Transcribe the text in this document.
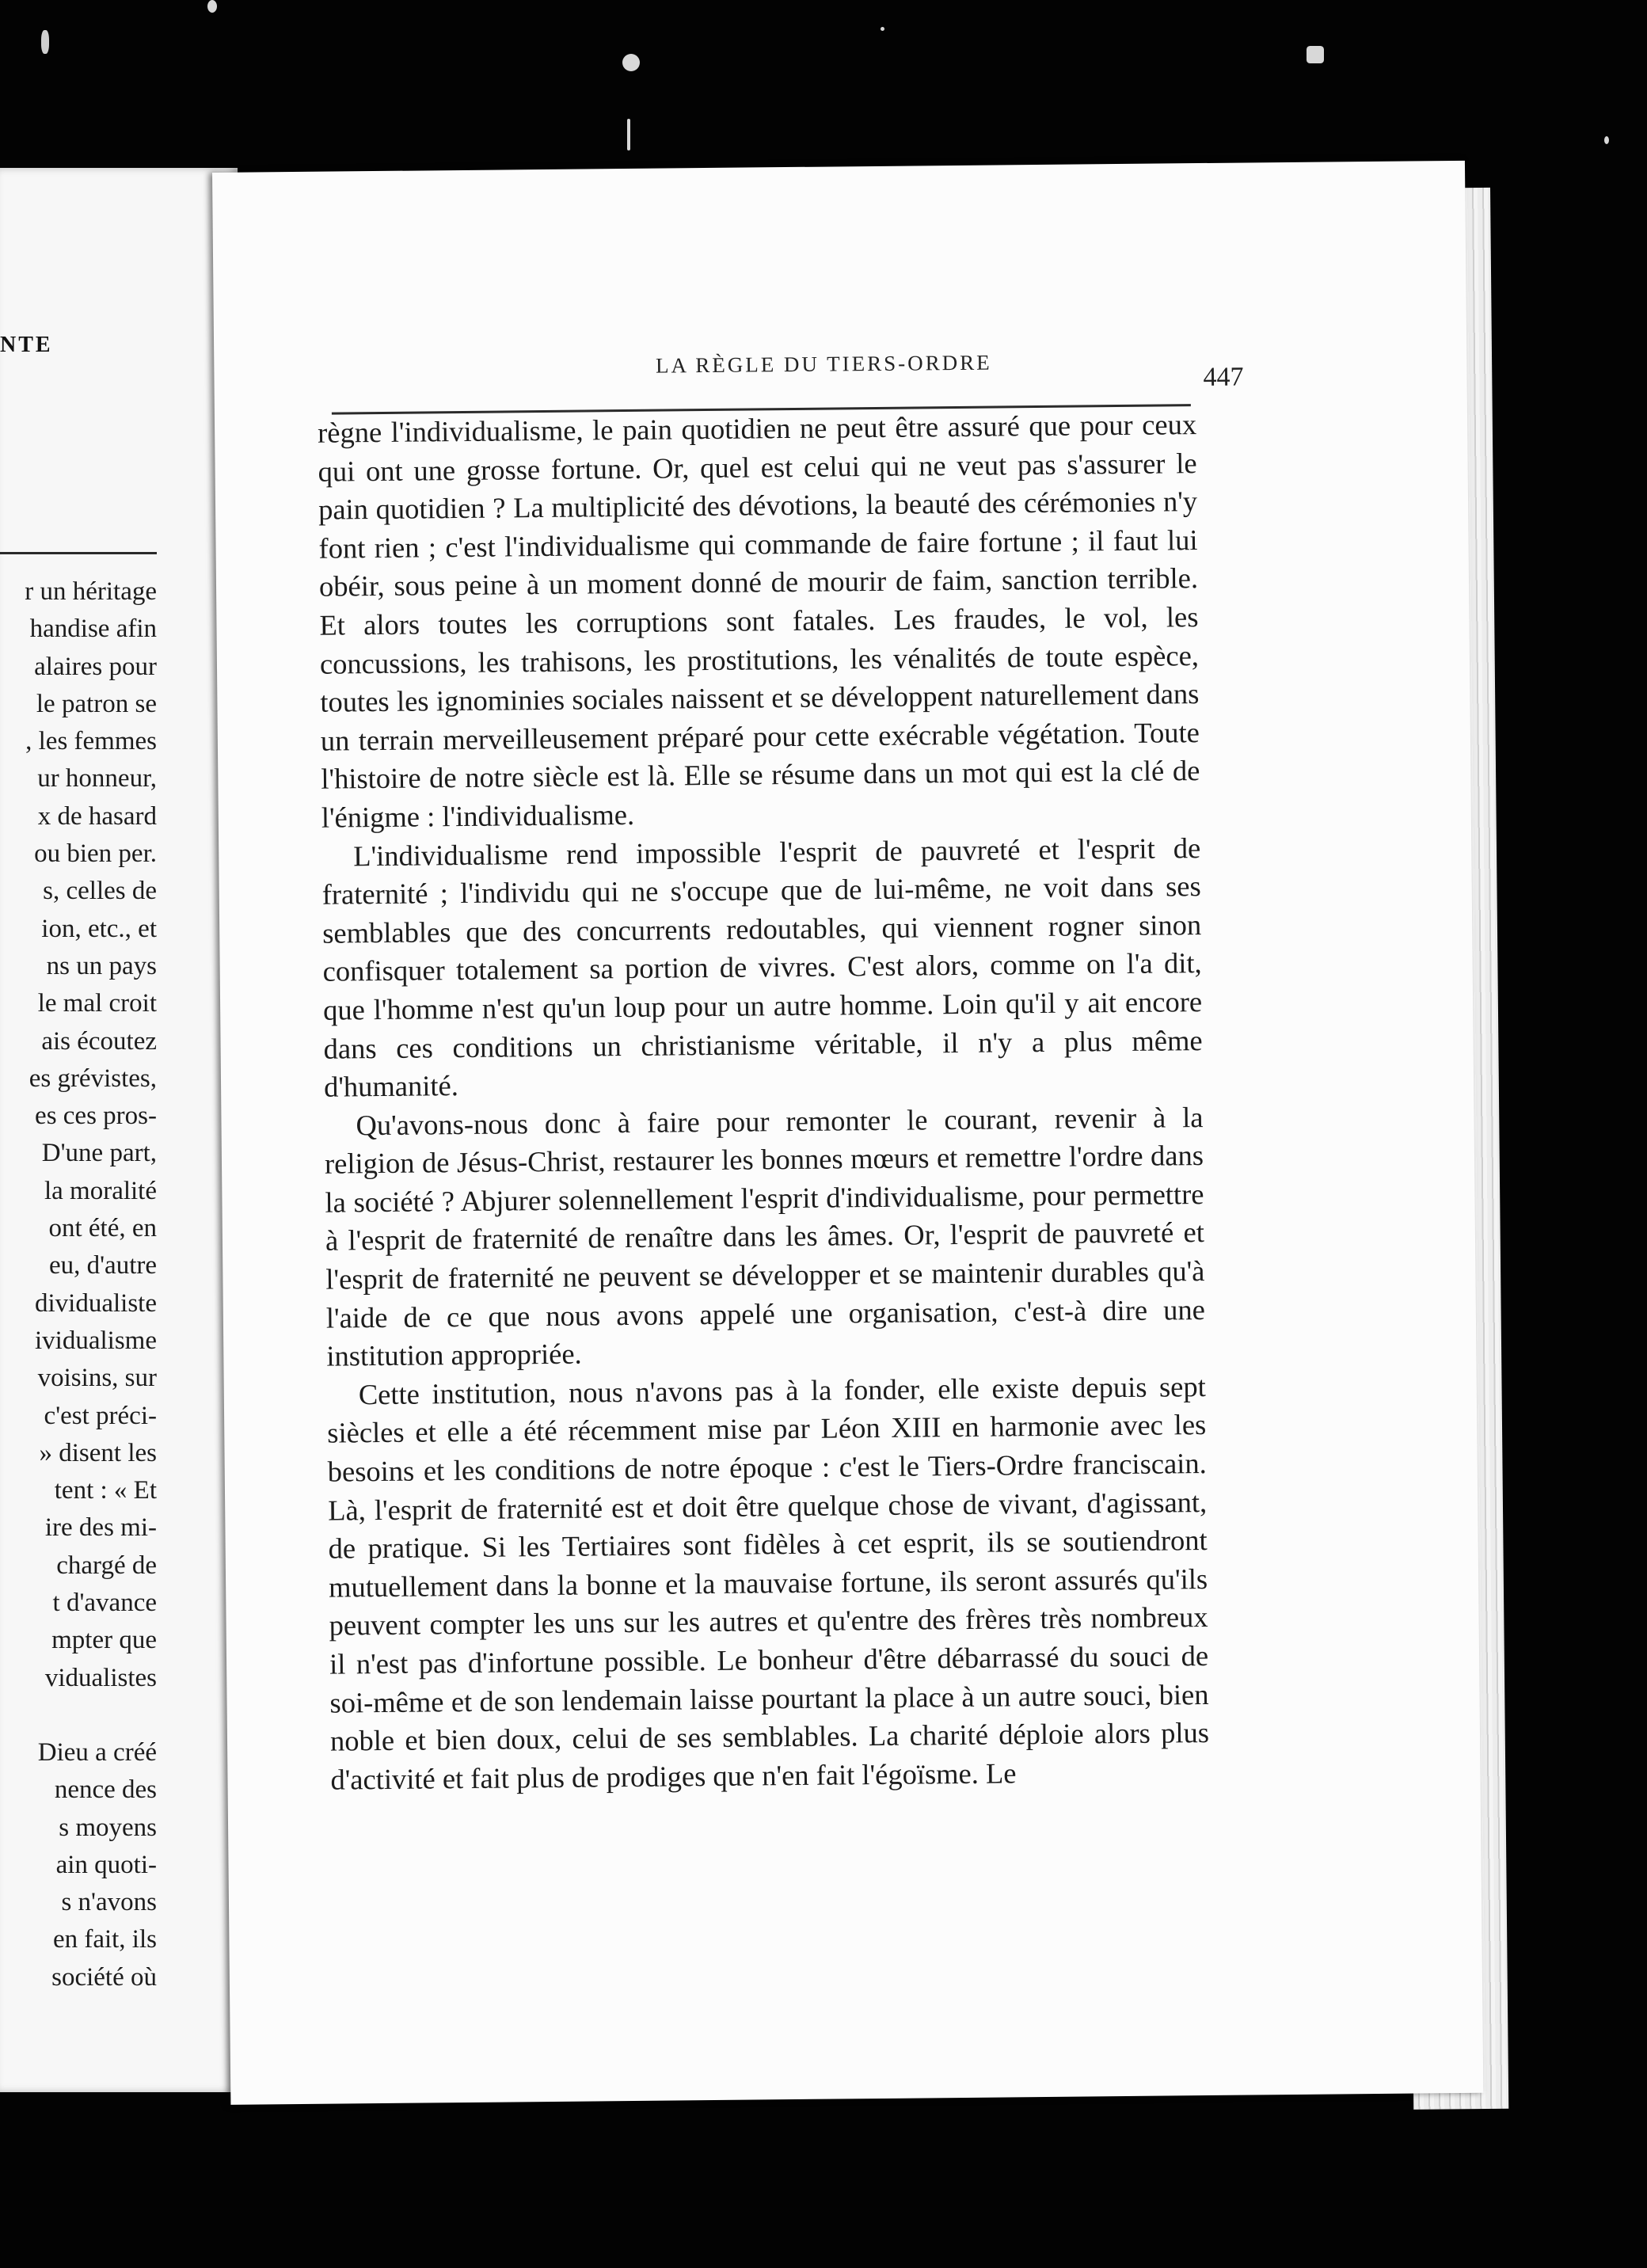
NTE
r un héritage
handise afin
alaires pour
le patron se
, les femmes
ur honneur,
x de hasard
ou bien per.
s, celles de
ion, etc., et
ns un pays
le mal croit
ais écoutez
es grévistes,
es ces pros-
D'une part,
la moralité
ont été, en
eu, d'autre
dividualiste
ividualisme
voisins, sur
c'est préci-
» disent les
tent : « Et
ire des mi-
chargé de
t d'avance
mpter que
vidualistes
Dieu a créé
nence des
s moyens
ain quoti-
s n'avons
en fait, ils
société où
LA RÈGLE DU TIERS-ORDRE	447

règne l'individualisme, le pain quotidien ne peut être assuré que pour ceux qui ont une grosse fortune. Or, quel est celui qui ne veut pas s'assurer le pain quotidien ? La multiplicité des dévotions, la beauté des cérémonies n'y font rien ; c'est l'individualisme qui commande de faire fortune ; il faut lui obéir, sous peine à un moment donné de mourir de faim, sanction terrible. Et alors toutes les corruptions sont fatales. Les fraudes, le vol, les concussions, les trahisons, les prostitutions, les vénalités de toute espèce, toutes les ignominies sociales naissent et se développent naturellement dans un terrain merveilleusement préparé pour cette exécrable végétation. Toute l'histoire de notre siècle est là. Elle se résume dans un mot qui est la clé de l'énigme : l'individualisme.

L'individualisme rend impossible l'esprit de pauvreté et l'esprit de fraternité ; l'individu qui ne s'occupe que de lui-même, ne voit dans ses semblables que des concurrents redoutables, qui viennent rogner sinon confisquer totalement sa portion de vivres. C'est alors, comme on l'a dit, que l'homme n'est qu'un loup pour un autre homme. Loin qu'il y ait encore dans ces conditions un christianisme véritable, il n'y a plus même d'humanité.

Qu'avons-nous donc à faire pour remonter le courant, revenir à la religion de Jésus-Christ, restaurer les bonnes mœurs et remettre l'ordre dans la société ? Abjurer solennellement l'esprit d'individualisme, pour permettre à l'esprit de fraternité de renaître dans les âmes. Or, l'esprit de pauvreté et l'esprit de fraternité ne peuvent se développer et se maintenir durables qu'à l'aide de ce que nous avons appelé une organisation, c'est-à dire une institution appropriée.

Cette institution, nous n'avons pas à la fonder, elle existe depuis sept siècles et elle a été récemment mise par Léon XIII en harmonie avec les besoins et les conditions de notre époque : c'est le Tiers-Ordre franciscain. Là, l'esprit de fraternité est et doit être quelque chose de vivant, d'agissant, de pratique. Si les Tertiaires sont fidèles à cet esprit, ils se soutiendront mutuellement dans la bonne et la mauvaise fortune, ils seront assurés qu'ils peuvent compter les uns sur les autres et qu'entre des frères très nombreux il n'est pas d'infortune possible. Le bonheur d'être débarrassé du souci de soi-même et de son lendemain laisse pourtant la place à un autre souci, bien noble et bien doux, celui de ses semblables. La charité déploie alors plus d'activité et fait plus de prodiges que n'en fait l'égoïsme. Le
